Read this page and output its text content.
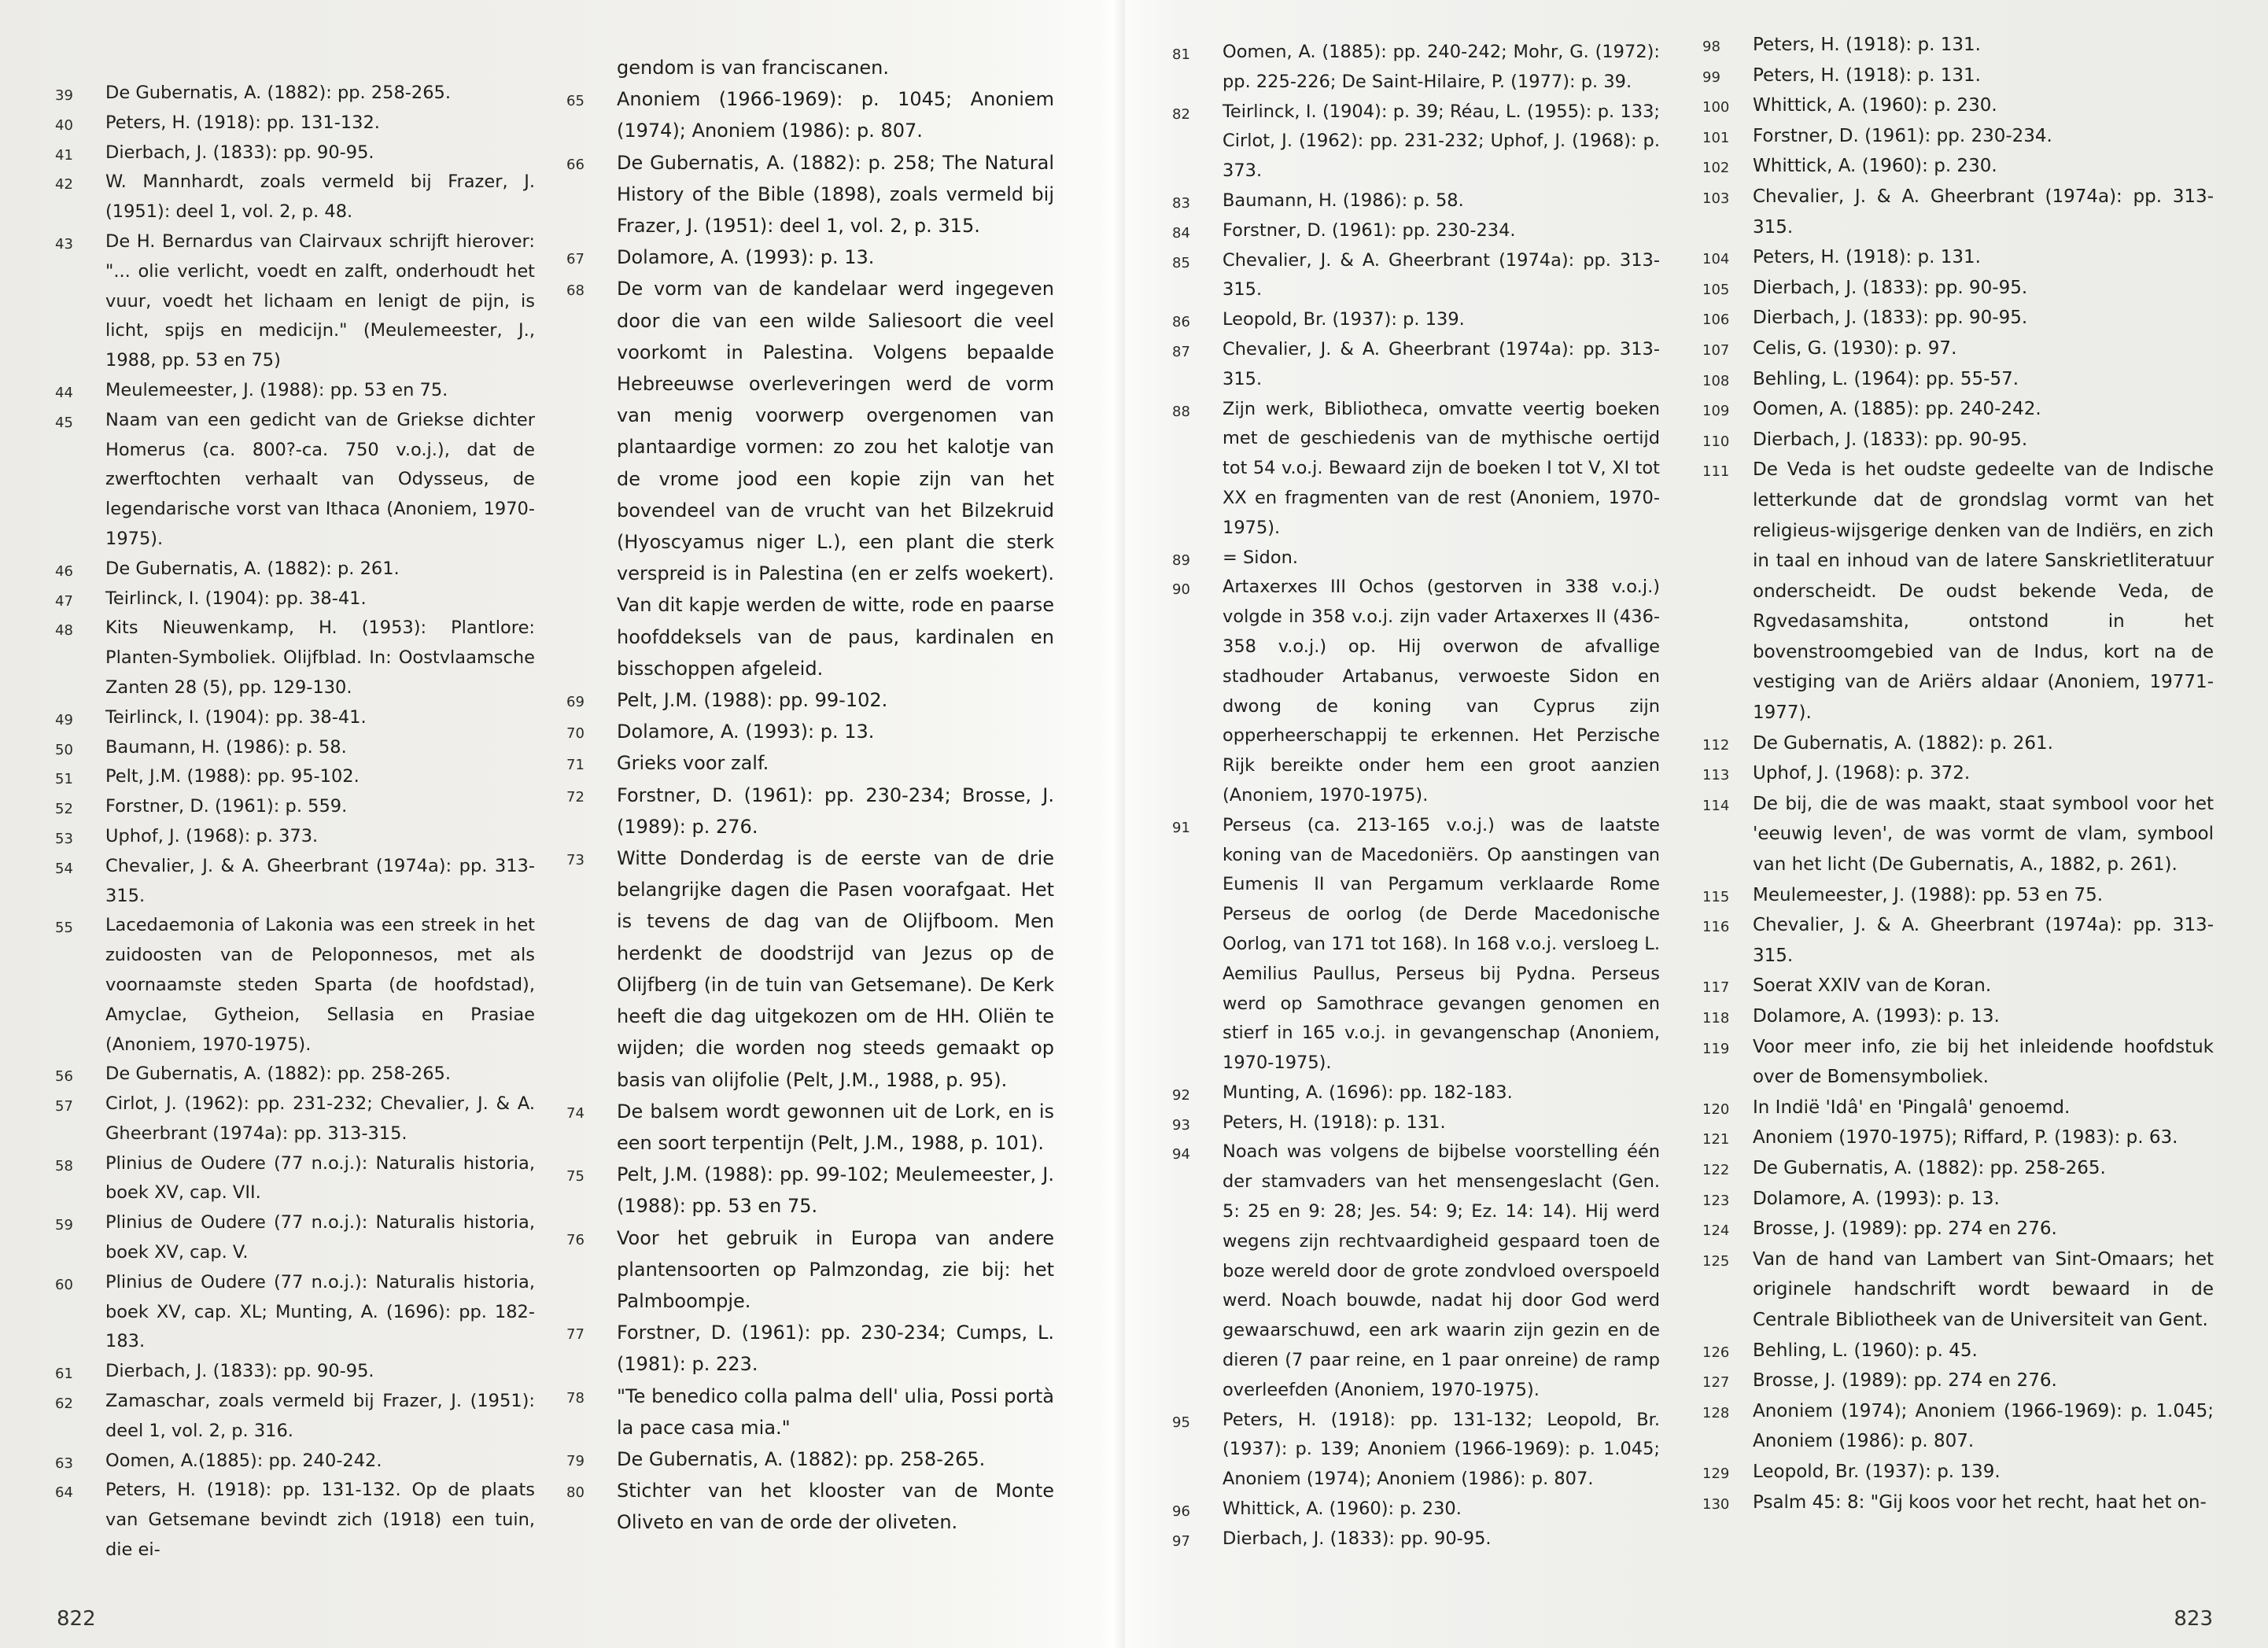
39	De Gubernatis, A. (1882): pp. 258-265.
40	Peters, H. (1918): pp. 131-132.
41	Dierbach, J. (1833): pp. 90-95.
42	W. Mannhardt, zoals vermeld bij Frazer, J. (1951): deel 1, vol. 2, p. 48.
43	De H. Bernardus van Clairvaux schrijft hierover: "... olie verlicht, voedt en zalft, onderhoudt het vuur, voedt het lichaam en lenigt de pijn, is licht, spijs en medicijn." (Meulemeester, J., 1988, pp. 53 en 75)
44	Meulemeester, J. (1988): pp. 53 en 75.
45	Naam van een gedicht van de Griekse dichter Homerus (ca. 800?-ca. 750 v.o.j.), dat de zwerftochten verhaalt van Odysseus, de legendarische vorst van Ithaca (Anoniem, 1970-1975).
46	De Gubernatis, A. (1882): p. 261.
47	Teirlinck, I. (1904): pp. 38-41.
48	Kits Nieuwenkamp, H. (1953): Plantlore: Planten-Symboliek. Olijfblad. In: Oostvlaamsche Zanten 28 (5), pp. 129-130.
49	Teirlinck, I. (1904): pp. 38-41.
50	Baumann, H. (1986): p. 58.
51	Pelt, J.M. (1988): pp. 95-102.
52	Forstner, D. (1961): p. 559.
53	Uphof, J. (1968): p. 373.
54	Chevalier, J. & A. Gheerbrant (1974a): pp. 313-315.
55	Lacedaemonia of Lakonia was een streek in het zuidoosten van de Peloponnesos, met als voornaamste steden Sparta (de hoofdstad), Amyclae, Gytheion, Sellasia en Prasiae (Anoniem, 1970-1975).
56	De Gubernatis, A. (1882): pp. 258-265.
57	Cirlot, J. (1962): pp. 231-232; Chevalier, J. & A. Gheerbrant (1974a): pp. 313-315.
58	Plinius de Oudere (77 n.o.j.): Naturalis historia, boek XV, cap. VII.
59	Plinius de Oudere (77 n.o.j.): Naturalis historia, boek XV, cap. V.
60	Plinius de Oudere (77 n.o.j.): Naturalis historia, boek XV, cap. XL; Munting, A. (1696): pp. 182-183.
61	Dierbach, J. (1833): pp. 90-95.
62	Zamaschar, zoals vermeld bij Frazer, J. (1951): deel 1, vol. 2, p. 316.
63	Oomen, A.(1885): pp. 240-242.
64	Peters, H. (1918): pp. 131-132. Op de plaats van Getsemane bevindt zich (1918) een tuin, die ei-
gendom is van franciscanen.
65	Anoniem (1966-1969): p. 1045; Anoniem (1974); Anoniem (1986): p. 807.
66	De Gubernatis, A. (1882): p. 258; The Natural History of the Bible (1898), zoals vermeld bij Frazer, J. (1951): deel 1, vol. 2, p. 315.
67	Dolamore, A. (1993): p. 13.
68	De vorm van de kandelaar werd ingegeven door die van een wilde Saliesoort die veel voorkomt in Palestina. Volgens bepaalde Hebreeuwse overleveringen werd de vorm van menig voorwerp overgenomen van plantaardige vormen: zo zou het kalotje van de vrome jood een kopie zijn van het bovendeel van de vrucht van het Bilzekruid (Hyoscyamus niger L.), een plant die sterk verspreid is in Palestina (en er zelfs woekert). Van dit kapje werden de witte, rode en paarse hoofddeksels van de paus, kardinalen en bisschoppen afgeleid.
69	Pelt, J.M. (1988): pp. 99-102.
70	Dolamore, A. (1993): p. 13.
71	Grieks voor zalf.
72	Forstner, D. (1961): pp. 230-234; Brosse, J. (1989): p. 276.
73	Witte Donderdag is de eerste van de drie belangrijke dagen die Pasen voorafgaat. Het is tevens de dag van de Olijfboom. Men herdenkt de doodstrijd van Jezus op de Olijfberg (in de tuin van Getsemane). De Kerk heeft die dag uitgekozen om de HH. Oliën te wijden; die worden nog steeds gemaakt op basis van olijfolie (Pelt, J.M., 1988, p. 95).
74	De balsem wordt gewonnen uit de Lork, en is een soort terpentijn (Pelt, J.M., 1988, p. 101).
75	Pelt, J.M. (1988): pp. 99-102; Meulemeester, J. (1988): pp. 53 en 75.
76	Voor het gebruik in Europa van andere plantensoorten op Palmzondag, zie bij: het Palmboompje.
77	Forstner, D. (1961): pp. 230-234; Cumps, L. (1981): p. 223.
78	"Te benedico colla palma dell' ulia, Possi portà la pace casa mia."
79	De Gubernatis, A. (1882): pp. 258-265.
80	Stichter van het klooster van de Monte Oliveto en van de orde der oliveten.
822
81	Oomen, A. (1885): pp. 240-242; Mohr, G. (1972): pp. 225-226; De Saint-Hilaire, P. (1977): p. 39.
82	Teirlinck, I. (1904): p. 39; Réau, L. (1955): p. 133; Cirlot, J. (1962): pp. 231-232; Uphof, J. (1968): p. 373.
83	Baumann, H. (1986): p. 58.
84	Forstner, D. (1961): pp. 230-234.
85	Chevalier, J. & A. Gheerbrant (1974a): pp. 313-315.
86	Leopold, Br. (1937): p. 139.
87	Chevalier, J. & A. Gheerbrant (1974a): pp. 313-315.
88	Zijn werk, Bibliotheca, omvatte veertig boeken met de geschiedenis van de mythische oertijd tot 54 v.o.j. Bewaard zijn de boeken I tot V, XI tot XX en fragmenten van de rest (Anoniem, 1970-1975).
89	= Sidon.
90	Artaxerxes III Ochos (gestorven in 338 v.o.j.) volgde in 358 v.o.j. zijn vader Artaxerxes II (436-358 v.o.j.) op. Hij overwon de afvallige stadhouder Artabanus, verwoeste Sidon en dwong de koning van Cyprus zijn opperheerschappij te erkennen. Het Perzische Rijk bereikte onder hem een groot aanzien (Anoniem, 1970-1975).
91	Perseus (ca. 213-165 v.o.j.) was de laatste koning van de Macedoniërs. Op aanstingen van Eumenis II van Pergamum verklaarde Rome Perseus de oorlog (de Derde Macedonische Oorlog, van 171 tot 168). In 168 v.o.j. versloeg L. Aemilius Paullus, Perseus bij Pydna. Perseus werd op Samothrace gevangen genomen en stierf in 165 v.o.j. in gevangenschap (Anoniem, 1970-1975).
92	Munting, A. (1696): pp. 182-183.
93	Peters, H. (1918): p. 131.
94	Noach was volgens de bijbelse voorstelling één der stamvaders van het mensengeslacht (Gen. 5: 25 en 9: 28; Jes. 54: 9; Ez. 14: 14). Hij werd wegens zijn rechtvaardigheid gespaard toen de boze wereld door de grote zondvloed overspoeld werd. Noach bouwde, nadat hij door God werd gewaarschuwd, een ark waarin zijn gezin en de dieren (7 paar reine, en 1 paar onreine) de ramp overleefden (Anoniem, 1970-1975).
95	Peters, H. (1918): pp. 131-132; Leopold, Br. (1937): p. 139; Anoniem (1966-1969): p. 1.045; Anoniem (1974); Anoniem (1986): p. 807.
96	Whittick, A. (1960): p. 230.
97	Dierbach, J. (1833): pp. 90-95.
98	Peters, H. (1918): p. 131.
99	Peters, H. (1918): p. 131.
100	Whittick, A. (1960): p. 230.
101	Forstner, D. (1961): pp. 230-234.
102	Whittick, A. (1960): p. 230.
103	Chevalier, J. & A. Gheerbrant (1974a): pp. 313-315.
104	Peters, H. (1918): p. 131.
105	Dierbach, J. (1833): pp. 90-95.
106	Dierbach, J. (1833): pp. 90-95.
107	Celis, G. (1930): p. 97.
108	Behling, L. (1964): pp. 55-57.
109	Oomen, A. (1885): pp. 240-242.
110	Dierbach, J. (1833): pp. 90-95.
111	De Veda is het oudste gedeelte van de Indische letterkunde dat de grondslag vormt van het religieus-wijsgerige denken van de Indiërs, en zich in taal en inhoud van de latere Sanskrietliteratuur onderscheidt. De oudst bekende Veda, de Rgvedasamshita, ontstond in het bovenstroomgebied van de Indus, kort na de vestiging van de Ariërs aldaar (Anoniem, 19771-1977).
112	De Gubernatis, A. (1882): p. 261.
113	Uphof, J. (1968): p. 372.
114	De bij, die de was maakt, staat symbool voor het 'eeuwig leven', de was vormt de vlam, symbool van het licht (De Gubernatis, A., 1882, p. 261).
115	Meulemeester, J. (1988): pp. 53 en 75.
116	Chevalier, J. & A. Gheerbrant (1974a): pp. 313-315.
117	Soerat XXIV van de Koran.
118	Dolamore, A. (1993): p. 13.
119	Voor meer info, zie bij het inleidende hoofdstuk over de Bomensymboliek.
120	In Indië 'Idâ' en 'Pingalâ' genoemd.
121	Anoniem (1970-1975); Riffard, P. (1983): p. 63.
122	De Gubernatis, A. (1882): pp. 258-265.
123	Dolamore, A. (1993): p. 13.
124	Brosse, J. (1989): pp. 274 en 276.
125	Van de hand van Lambert van Sint-Omaars; het originele handschrift wordt bewaard in de Centrale Bibliotheek van de Universiteit van Gent.
126	Behling, L. (1960): p. 45.
127	Brosse, J. (1989): pp. 274 en 276.
128	Anoniem (1974); Anoniem (1966-1969): p. 1.045; Anoniem (1986): p. 807.
129	Leopold, Br. (1937): p. 139.
130	Psalm 45: 8: "Gij koos voor het recht, haat het on-
823
